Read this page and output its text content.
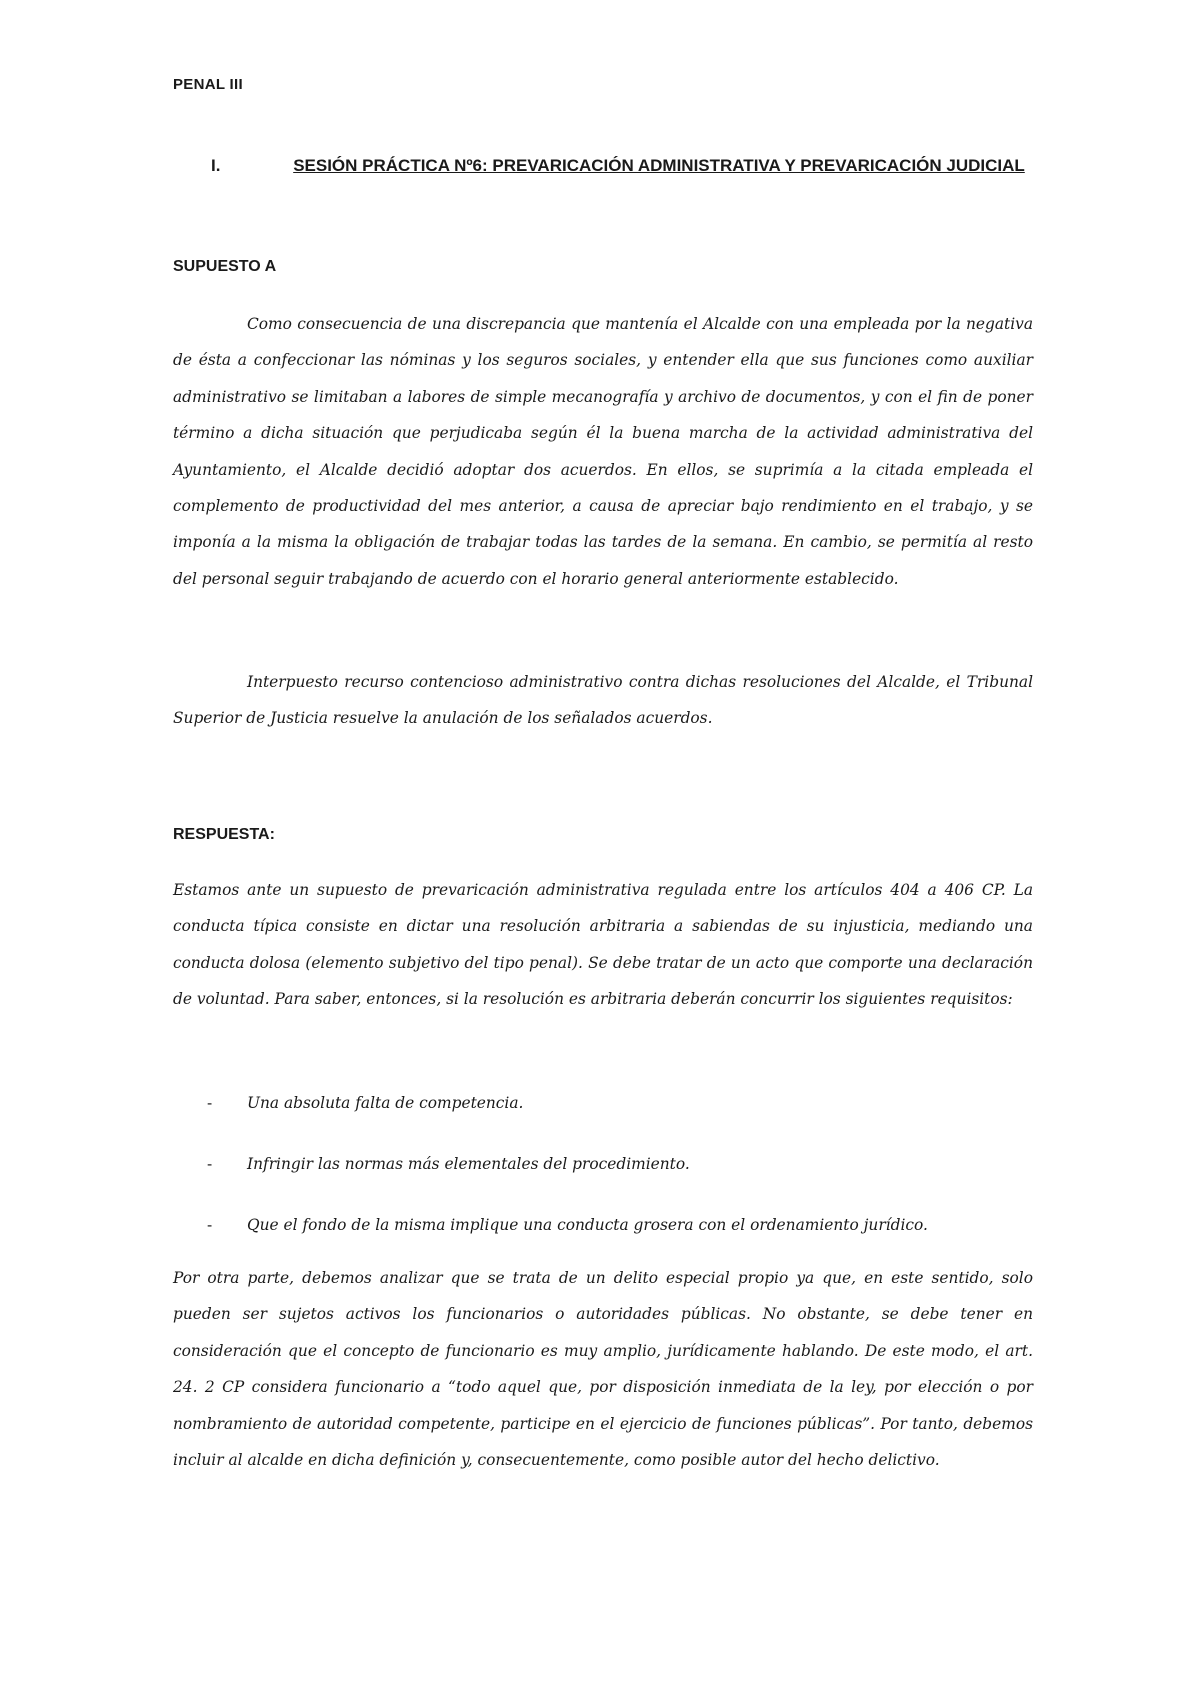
PENAL III
I.	SESIÓN PRÁCTICA Nº6: PREVARICACIÓN ADMINISTRATIVA Y PREVARICACIÓN JUDICIAL
SUPUESTO A

Como consecuencia de una discrepancia que mantenía el Alcalde con una empleada por la negativa de ésta a confeccionar las nóminas y los seguros sociales, y entender ella que sus funciones como auxiliar administrativo se limitaban a labores de simple mecanografía y archivo de documentos, y con el fin de poner término a dicha situación que perjudicaba según él la buena marcha de la actividad administrativa del Ayuntamiento, el Alcalde decidió adoptar dos acuerdos. En ellos, se suprimía a la citada empleada el complemento de productividad del mes anterior, a causa de apreciar bajo rendimiento en el trabajo, y se imponía a la misma la obligación de trabajar todas las tardes de la semana. En cambio, se permitía al resto del personal seguir trabajando de acuerdo con el horario general anteriormente establecido.

Interpuesto recurso contencioso administrativo contra dichas resoluciones del Alcalde, el Tribunal Superior de Justicia resuelve la anulación de los señalados acuerdos.

RESPUESTA:

Estamos ante un supuesto de prevaricación administrativa regulada entre los artículos 404 a 406 CP. La conducta típica consiste en dictar una resolución arbitraria a sabiendas de su injusticia, mediando una conducta dolosa (elemento subjetivo del tipo penal). Se debe tratar de un acto que comporte una declaración de voluntad. Para saber, entonces, si la resolución es arbitraria deberán concurrir los siguientes requisitos:

- Una absoluta falta de competencia.
- Infringir las normas más elementales del procedimiento.
- Que el fondo de la misma implique una conducta grosera con el ordenamiento jurídico.

Por otra parte, debemos analizar que se trata de un delito especial propio ya que, en este sentido, solo pueden ser sujetos activos los funcionarios o autoridades públicas. No obstante, se debe tener en consideración que el concepto de funcionario es muy amplio, jurídicamente hablando. De este modo, el art. 24. 2 CP considera funcionario a “todo aquel que, por disposición inmediata de la ley, por elección o por nombramiento de autoridad competente, participe en el ejercicio de funciones públicas”. Por tanto, debemos incluir al alcalde en dicha definición y, consecuentemente, como posible autor del hecho delictivo.
